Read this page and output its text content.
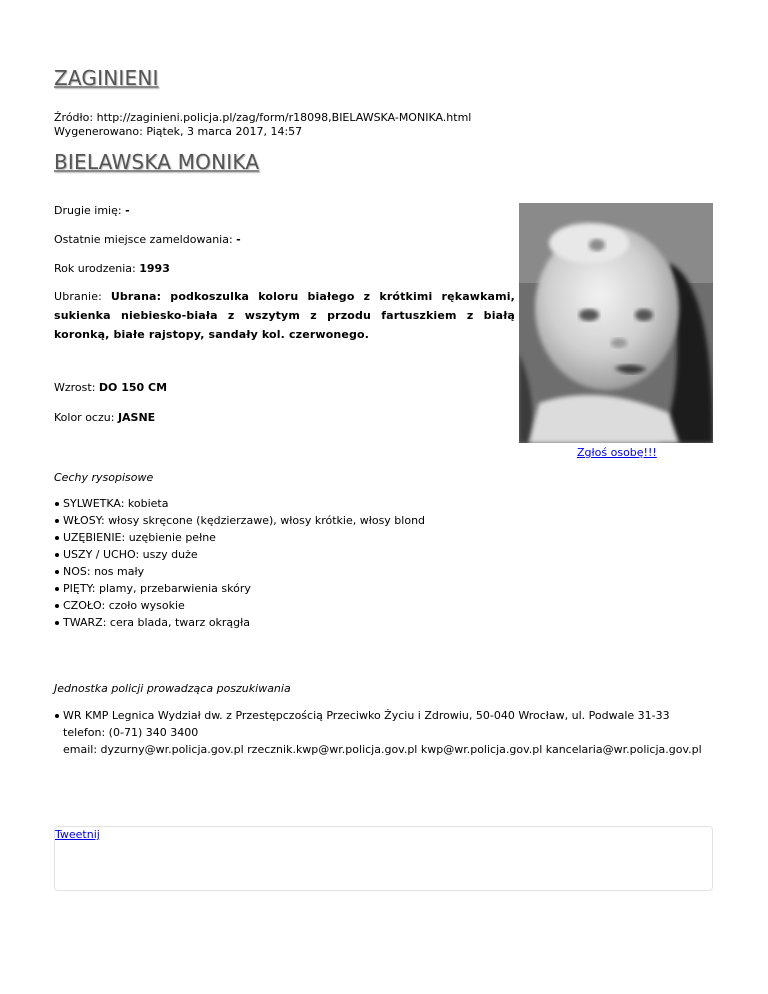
ZAGINIENI
Źródło: http://zaginieni.policja.pl/zag/form/r18098,BIELAWSKA-MONIKA.html
Wygenerowano: Piątek, 3 marca 2017, 14:57
BIELAWSKA MONIKA

Drugie imię: -

Ostatnie miejsce zameldowania: -

Rok urodzenia: 1993

Ubranie: Ubrana: podkoszulka koloru białego z krótkimi rękawkami, sukienka niebiesko-biała z wszytym z przodu fartuszkiem z białą koronką, białe rajstopy, sandały kol. czerwonego.

Wzrost: DO 150 CM

Kolor oczu: JASNE

Zgłoś osobę!!!

Cechy rysopisowe

SYLWETKA: kobieta
WŁOSY: włosy skręcone (kędzierzawe), włosy krótkie, włosy blond
UZĘBIENIE: uzębienie pełne
USZY / UCHO: uszy duże
NOS: nos mały
PIĘTY: plamy, przebarwienia skóry
CZOŁO: czoło wysokie
TWARZ: cera blada, twarz okrągła

Jednostka policji prowadząca poszukiwania

WR KMP Legnica Wydział dw. z Przestępczością Przeciwko Życiu i Zdrowiu, 50-040 Wrocław, ul. Podwale 31-33
telefon: (0-71) 340 3400
email: dyzurny@wr.policja.gov.pl rzecznik.kwp@wr.policja.gov.pl kwp@wr.policja.gov.pl kancelaria@wr.policja.gov.pl
Tweetnij
